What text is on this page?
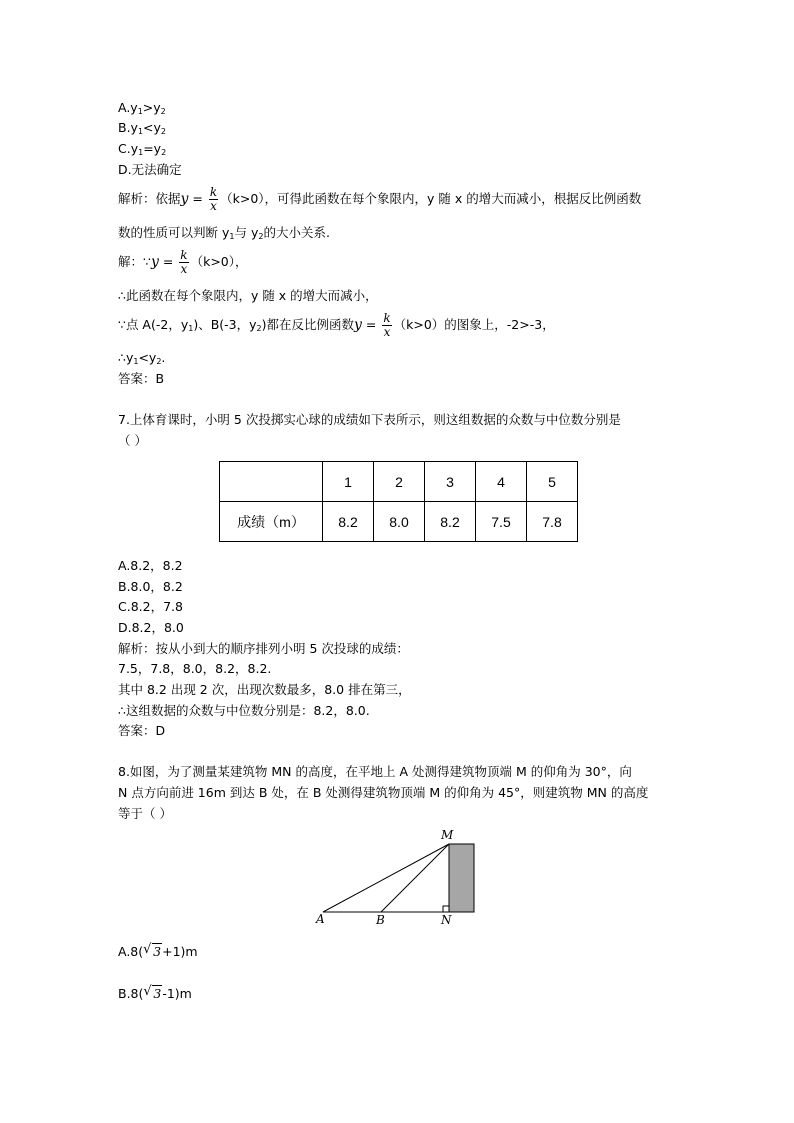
$A.y_1>y_2$
$B.y_1<y_2$
$C.y_1=y_2$
D.无法确定
解析：依据$y = \frac{k}{x} (k>0)$，可得此函数在每个象限内，y 随 x 的增大而减小，根据反比例函数
数的性质可以判断 $y_1$与 $y_2$的大小关系.
解：∵y = $\frac{k}{x} (k>0)$，
∴此函数在每个象限内，y 随 x 的增大而减小，
∵点 A(-2，$y_1$)、B(-3，$y_2$)都在反比例函数$y = \frac{k}{x} (k>0)$的图象上，-2>-3，
$\therefore y_1<y_2$.
答案：B
7.上体育课时，小明 5 次投掷实心球的成绩如下表所示，则这组数据的众数与中位数分别是
（ ）
	1	2	3	4	5
成绩（m）	8.2	8.0	8.2	7.5	7.8
A.8.2，8.2
B.8.0，8.2
C.8.2，7.8
D.8.2，8.0
解析：按从小到大的顺序排列小明 5 次投球的成绩：
7.5，7.8，8.0，8.2，8.2.
其中 8.2 出现 2 次，出现次数最多，8.0 排在第三，
∴这组数据的众数与中位数分别是：8.2，8.0.
答案：D
8.如图，为了测量某建筑物 MN 的高度，在平地上 A 处测得建筑物顶端 M 的仰角为 30°，向
N 点方向前进 16m 到达 B 处，在 B 处测得建筑物顶端 M 的仰角为 45°，则建筑物 MN 的高度
等于（ ）
M
A	B	N
A.8( √ 3+1)m
B.8( √ 3-1)m
